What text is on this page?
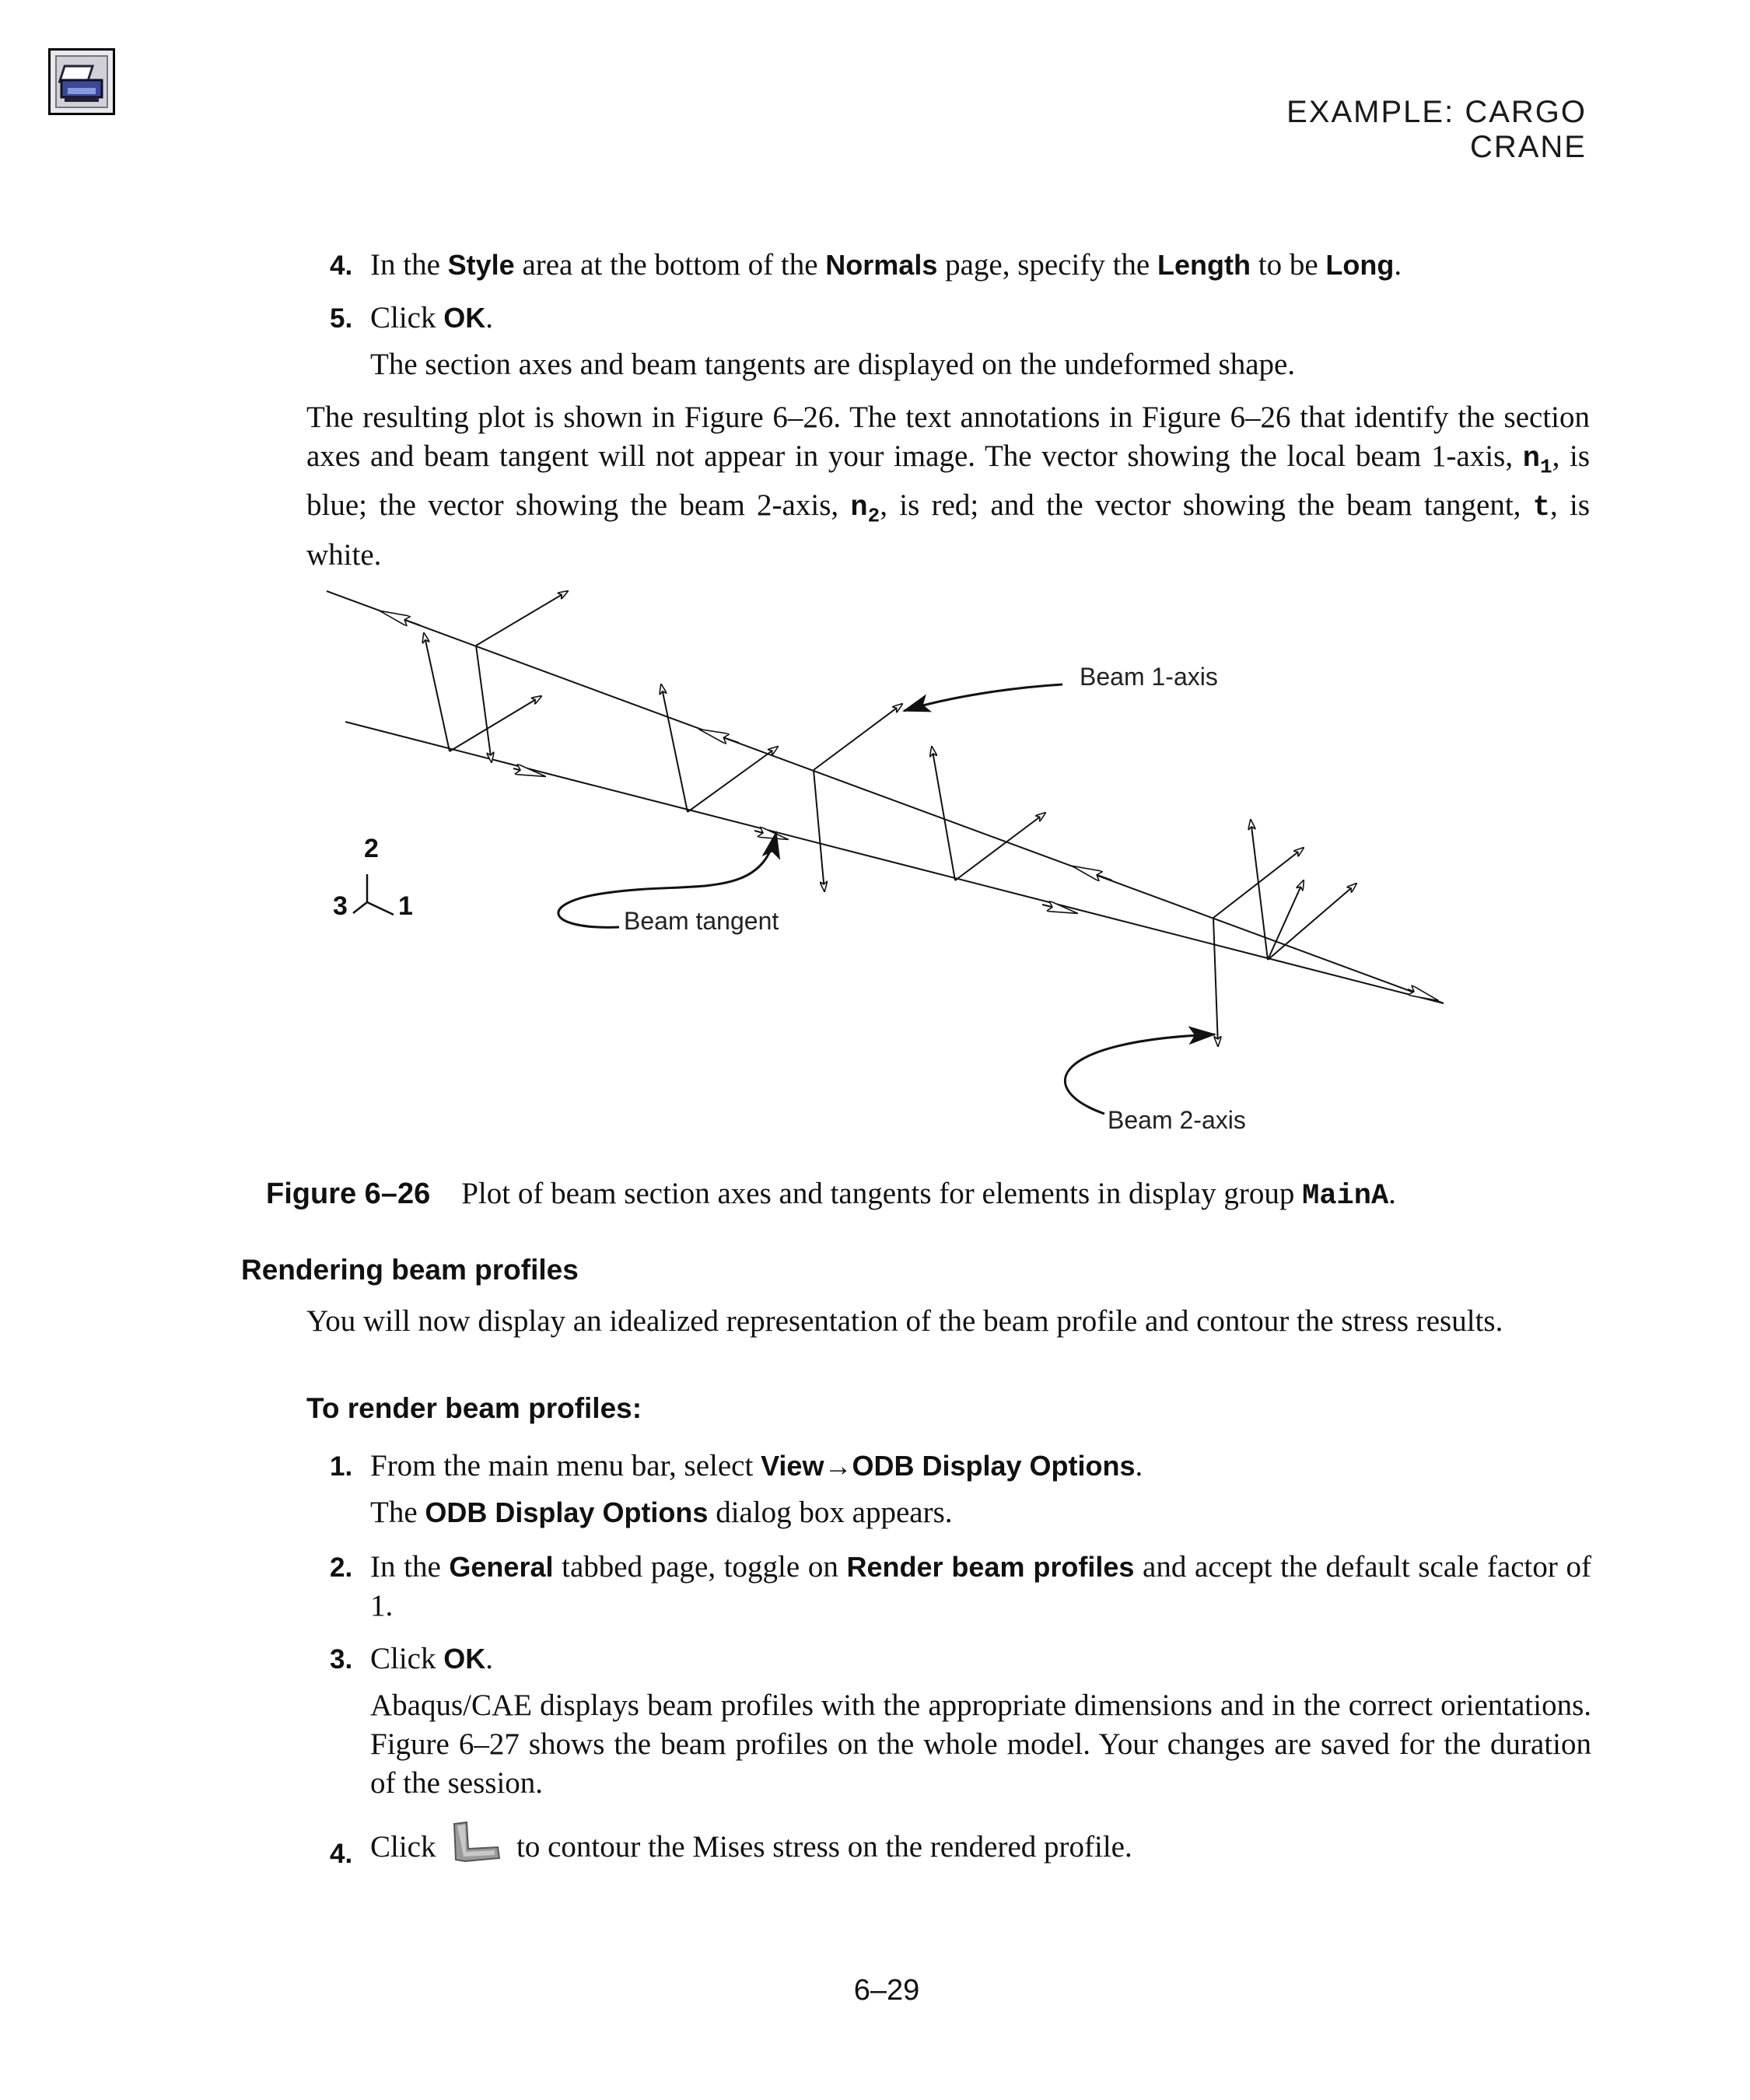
EXAMPLE: CARGO CRANE
4. In the Style area at the bottom of the Normals page, specify the Length to be Long.
5. Click OK.
The section axes and beam tangents are displayed on the undeformed shape.
The resulting plot is shown in Figure 6–26. The text annotations in Figure 6–26 that identify the section axes and beam tangent will not appear in your image. The vector showing the local beam 1-axis, $n_1$, is blue; the vector showing the beam 2-axis, $n_2$, is red; and the vector showing the beam tangent, t, is white.
Beam 1-axis
Beam tangent
Beam 2-axis
2
3 1
Figure 6–26 Plot of beam section axes and tangents for elements in display group MainA.
Rendering beam profiles
You will now display an idealized representation of the beam profile and contour the stress results.
To render beam profiles:
1. From the main menu bar, select View→ODB Display Options.
The ODB Display Options dialog box appears.
2. In the General tabbed page, toggle on Render beam profiles and accept the default scale factor of 1.
3. Click OK.
Abaqus/CAE displays beam profiles with the appropriate dimensions and in the correct orientations. Figure 6–27 shows the beam profiles on the whole model. Your changes are saved for the duration of the session.
4. Click	to contour the Mises stress on the rendered profile.
6–29
